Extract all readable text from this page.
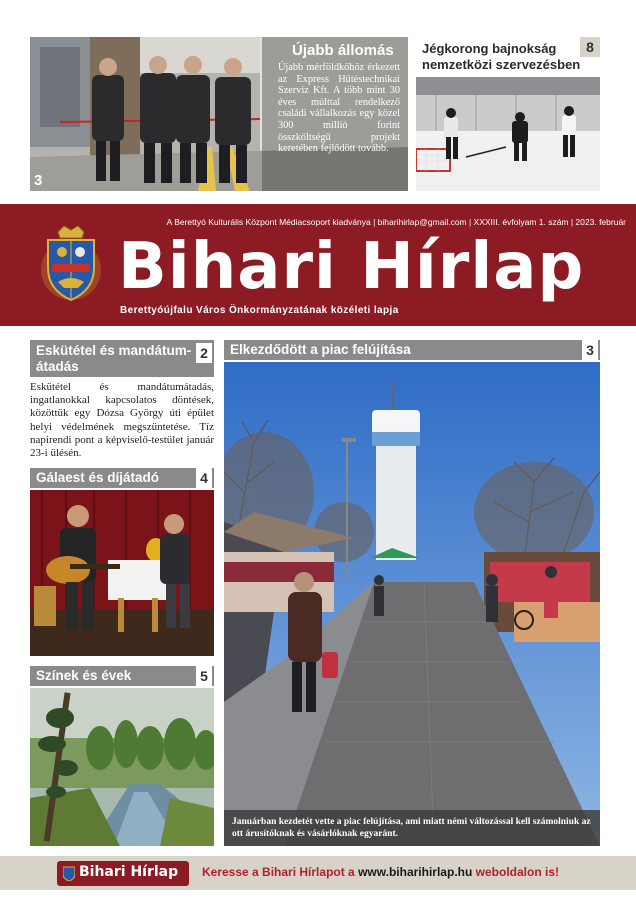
3
Újabb állomás
Újabb mérföldkőhöz érkezett az Express Hűtéstechnikai Szerviz Kft. A több mint 30 éves múlttal rendelkező családi vállalkozás egy közel 300 millió forint összköltségű projekt keretében fejlődött tovább.
Jégkorong bajnokság
nemzetközi szervezésben
8
A Berettyó Kulturális Központ Médiacsoport kiadványa | biharihirlap@gmail.com | XXXIII. évfolyam 1. szám | 2023. február
Bihari Hírlap
Berettyóújfalu Város Önkormányzatának közéleti lapja
Eskütétel és mandátum-
átadás
2
Eskütétel és mandátumátadás, ingatlanokkal kapcsolatos döntések, közöttük egy Dózsa György úti épület helyi védelmének megszüntetése. Tíz napirendi pont a képviselő-testület január 23-i ülésén.
Gálaest és díjátadó	4
Színek és évek	5
Elkezdődött a piac felújítása	3
Januárban kezdetét vette a piac felújítása, ami miatt némi változással kell számolniuk az ott árusítóknak és vásárlóknak egyaránt.
Bihari Hírlap Keresse a Bihari Hírlapot a www.biharihirlap.hu weboldalon is!
